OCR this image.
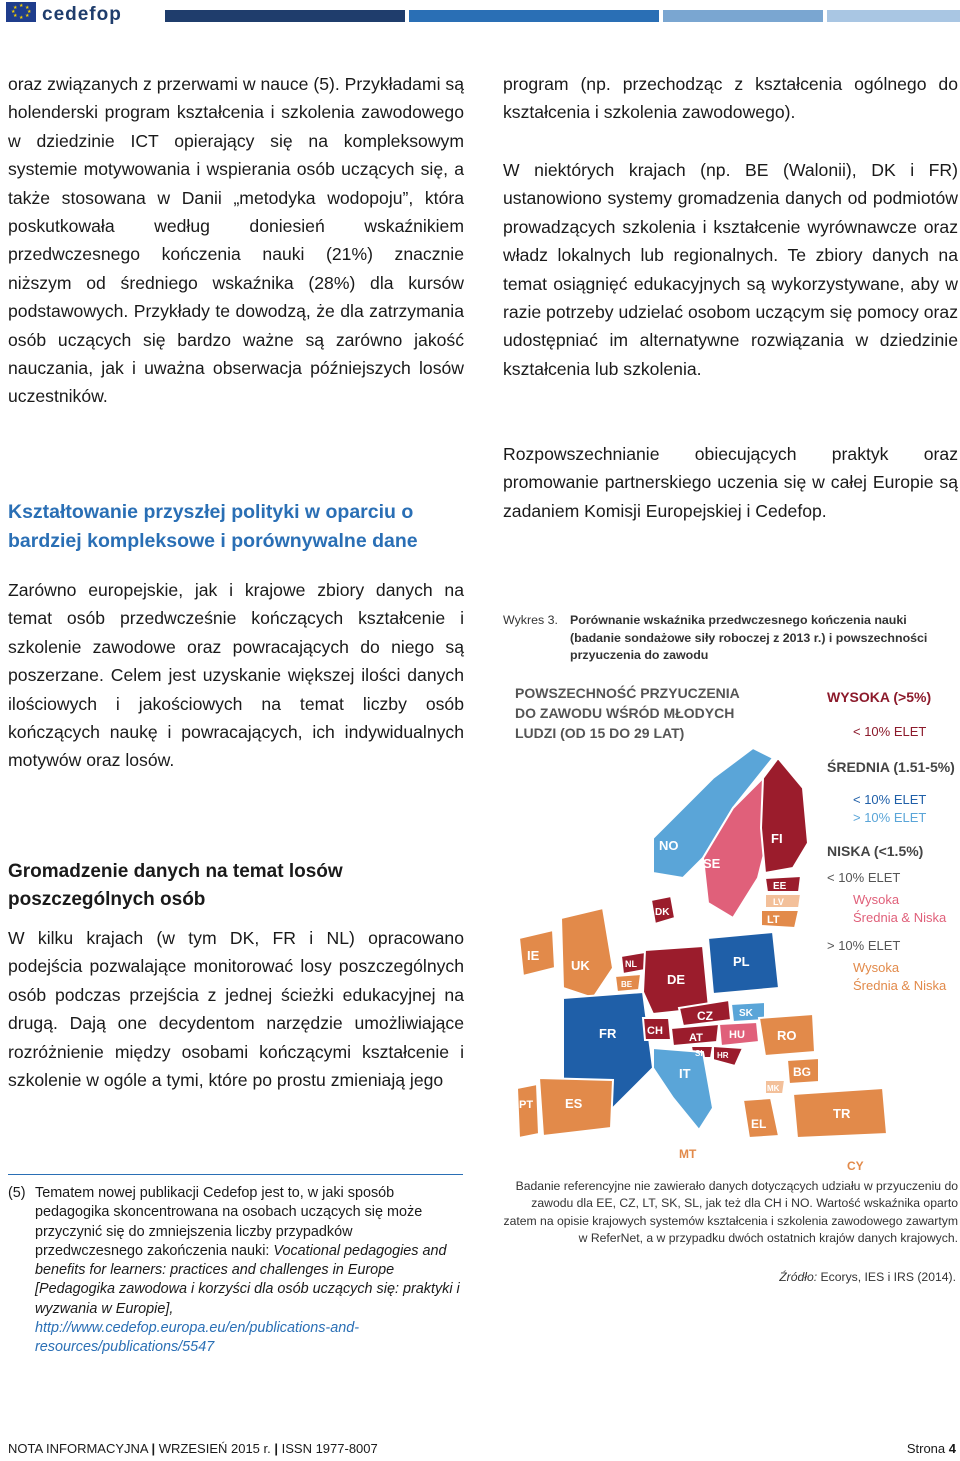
★ ★
★
★
★
★
★
★ cedefop

oraz związanych z przerwami w nauce (5). Przykładami są holenderski program kształcenia i szkolenia zawodowego w dziedzinie ICT opierający się na kompleksowym systemie motywowania i wspierania osób uczących się, a także stosowana w Danii „metodyka wodopoju”, która poskutkowała według doniesień wskaźnikiem przedwczesnego kończenia nauki (21%) znacznie niższym od średniego wskaźnika (28%) dla kursów podstawowych. Przykłady te dowodzą, że dla zatrzymania osób uczących się bardzo ważne są zarówno jakość nauczania, jak i uważna obserwacja późniejszych losów uczestników.

Kształtowanie przyszłej polityki w oparciu o bardziej kompleksowe i porównywalne dane

Zarówno europejskie, jak i krajowe zbiory danych na temat osób przedwcześnie kończących kształcenie i szkolenie zawodowe oraz powracających do niego są poszerzane. Celem jest uzyskanie większej ilości danych ilościowych i jakościowych na temat liczby osób kończących naukę i powracających, ich indywidualnych motywów oraz losów.

Gromadzenie danych na temat losów poszczególnych osób

W kilku krajach (w tym DK, FR i NL) opracowano podejścia pozwalające monitorować losy poszczególnych osób podczas przejścia z jednej ścieżki edukacyjnej na drugą. Dają one decydentom narzędzie umożliwiające rozróżnienie między osobami kończącymi kształcenie i szkolenie w ogóle a tymi, które po prostu zmieniają jego

program (np. przechodząc z kształcenia ogólnego do kształcenia i szkolenia zawodowego).

W niektórych krajach (np. BE (Walonii), DK i FR) ustanowiono systemy gromadzenia danych od podmiotów prowadzących szkolenia i kształcenie wyrównawcze oraz władz lokalnych lub regionalnych. Te zbiory danych na temat osiągnięć edukacyjnych są wykorzystywane, aby w razie potrzeby udzielać osobom uczącym się pomocy oraz udostępniać im alternatywne rozwiązania w dziedzinie kształcenia lub szkolenia.

Rozpowszechnianie obiecujących praktyk oraz promowanie partnerskiego uczenia się w całej Europie są zadaniem Komisji Europejskiej i Cedefop.

Wykres 3. Porównanie wskaźnika przedwczesnego kończenia nauki (badanie sondażowe siły roboczej z 2013 r.) i powszechności przyuczenia do zawodu
POWSZECHNOŚĆ PRZYUCZENIA
DO ZAWODU WŚRÓD MŁODYCH
LUDZI (OD 15 DO 29 LAT)
WYSOKA (>5%)
< 10% ELET
ŚREDNIA (1.51-5%)
< 10% ELET
> 10% ELET
NISKA (<1.5%)
< 10% ELET
Wysoka
Średnia & Niska
> 10% ELET
Wysoka
Średnia & Niska
FI
NO
SE
EE
LV
LT
DK
IE
UK	NL
BE	DE
PL
CZ	SK
FR	CH
AT HU
SI HR
RO
BG
MK
IT
PT ES
EL
TR
MT
CY
Badanie referencyjne nie zawierało danych dotyczących udziału w przyuczeniu do zawodu dla EE, CZ, LT, SK, SL, jak też dla CH i NO. Wartość wskaźnika oparto zatem na opisie krajowych systemów kształcenia i szkolenia zawodowego zawartym w ReferNet, a w przypadku dwóch ostatnich krajów danych krajowych.
Źródło: Ecorys, IES i IRS (2014).
(5) Tematem nowej publikacji Cedefop jest to, w jaki sposób pedagogika skoncentrowana na osobach uczących się może przyczynić się do zmniejszenia liczby przypadków przedwczesnego zakończenia nauki: Vocational pedagogies and benefits for learners: practices and challenges in Europe [Pedagogika zawodowa i korzyści dla osób uczących się: praktyki i wyzwania w Europie], http://www.cedefop.europa.eu/en/publications-and-resources/publications/5547
NOTA INFORMACYJNA | WRZESIEŃ 2015 r. | ISSN 1977-8007	Strona 4
